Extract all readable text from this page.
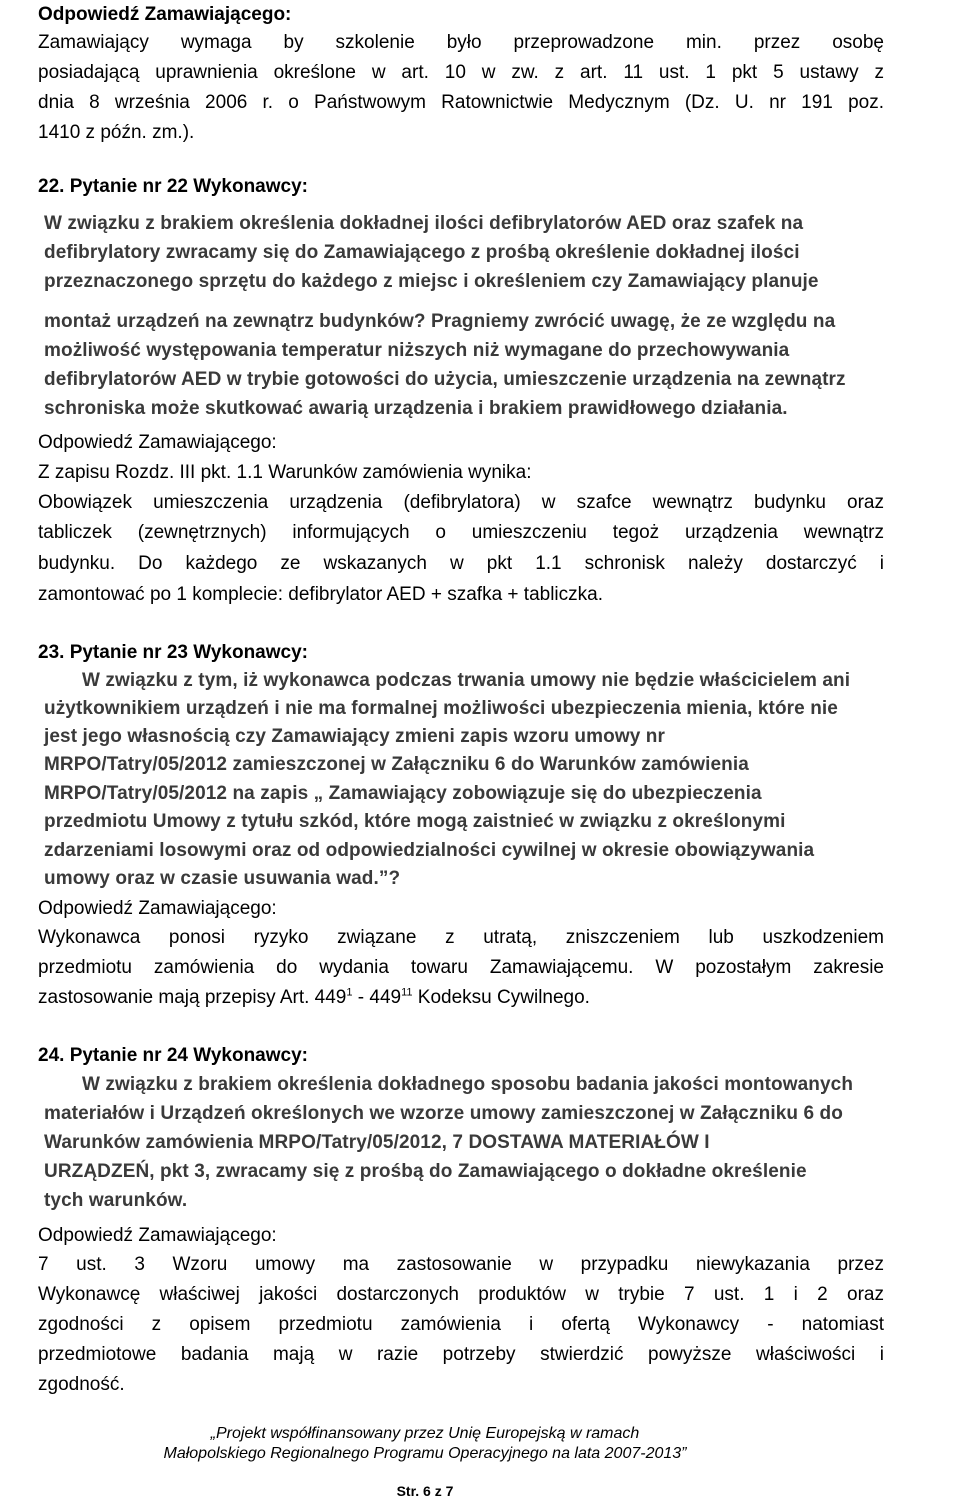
Odpowiedź Zamawiającego:
Zamawiający wymaga by szkolenie było przeprowadzone min. przez osobę
posiadającą uprawnienia określone w art. 10 w zw. z art. 11 ust. 1 pkt 5 ustawy z
dnia 8 września 2006 r. o Państwowym Ratownictwie Medycznym (Dz. U. nr 191 poz.
1410 z późn. zm.).
22. Pytanie nr 22 Wykonawcy:
W związku z brakiem określenia dokładnej ilości defibrylatorów AED oraz szafek na
defibrylatory zwracamy się do Zamawiającego z prośbą określenie dokładnej ilości
przeznaczonego sprzętu do każdego z miejsc i określeniem czy Zamawiający planuje
montaż urządzeń na zewnątrz budynków? Pragniemy zwrócić uwagę, że ze względu na
możliwość występowania temperatur niższych niż wymagane do przechowywania
defibrylatorów AED w trybie gotowości do użycia, umieszczenie urządzenia na zewnątrz
schroniska może skutkować awarią urządzenia i brakiem prawidłowego działania.
Odpowiedź Zamawiającego:
Z zapisu Rozdz. III pkt. 1.1 Warunków zamówienia wynika:
Obowiązek umieszczenia urządzenia (defibrylatora) w szafce wewnątrz budynku oraz
tabliczek (zewnętrznych) informujących o umieszczeniu tegoż urządzenia wewnątrz
budynku. Do każdego ze wskazanych w pkt 1.1 schronisk należy dostarczyć i
zamontować po 1 komplecie: defibrylator AED + szafka + tabliczka.
23. Pytanie nr 23 Wykonawcy:
W związku z tym, iż wykonawca podczas trwania umowy nie będzie właścicielem ani
użytkownikiem urządzeń i nie ma formalnej możliwości ubezpieczenia mienia, które nie
jest jego własnością czy Zamawiający zmieni zapis wzoru umowy nr
MRPO/Tatry/05/2012 zamieszczonej w Załączniku 6 do Warunków zamówienia
MRPO/Tatry/05/2012 na zapis „ Zamawiający zobowiązuje się do ubezpieczenia
przedmiotu Umowy z tytułu szkód, które mogą zaistnieć w związku z określonymi
zdarzeniami losowymi oraz od odpowiedzialności cywilnej w okresie obowiązywania
umowy oraz w czasie usuwania wad.”?
Odpowiedź Zamawiającego:
Wykonawca ponosi ryzyko związane z utratą, zniszczeniem lub uszkodzeniem
przedmiotu zamówienia do wydania towaru Zamawiającemu. W pozostałym zakresie
zastosowanie mają przepisy Art. $449^1 - 449^{11}$ Kodeksu Cywilnego.
24. Pytanie nr 24 Wykonawcy:
W związku z brakiem określenia dokładnego sposobu badania jakości montowanych
materiałów i Urządzeń określonych we wzorze umowy zamieszczonej w Załączniku 6 do
Warunków zamówienia MRPO/Tatry/05/2012, 7 DOSTAWA MATERIAŁÓW I
URZĄDZEŃ, pkt 3, zwracamy się z prośbą do Zamawiającego o dokładne określenie
tych warunków.
Odpowiedź Zamawiającego:
7 ust. 3 Wzoru umowy ma zastosowanie w przypadku niewykazania przez
Wykonawcę właściwej jakości dostarczonych produktów w trybie 7 ust. 1 i 2 oraz
zgodności z opisem przedmiotu zamówienia i ofertą Wykonawcy - natomiast
przedmiotowe badania mają w razie potrzeby stwierdzić powyższe właściwości i
zgodność.
„Projekt współfinansowany przez Unię Europejską w ramach
Małopolskiego Regionalnego Programu Operacyjnego na lata 2007-2013”
Str. 6 z 7
